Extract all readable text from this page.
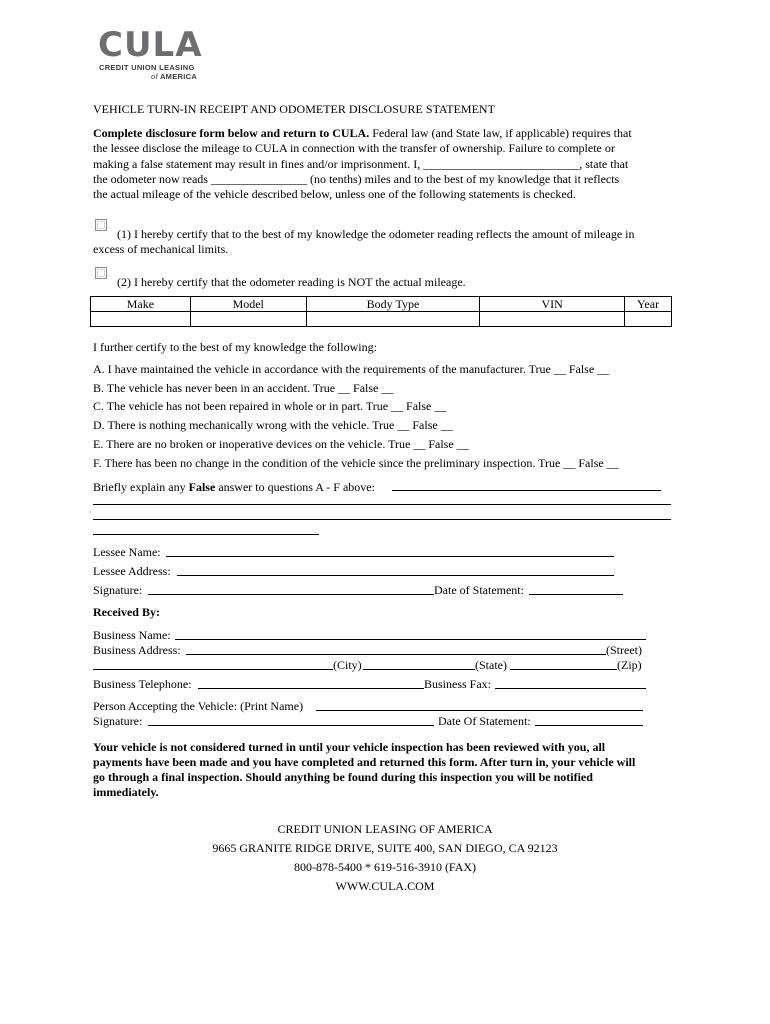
CULA
CREDIT UNION LEASING
of AMERICA
VEHICLE TURN-IN RECEIPT AND ODOMETER DISCLOSURE STATEMENT
Complete disclosure form below and return to CULA. Federal law (and State law, if applicable) requires that
the lessee disclose the mileage to CULA in connection with the transfer of ownership. Failure to complete or
making a false statement may result in fines and/or imprisonment. I, __________________________, state that
the odometer now reads ________________ (no tenths) miles and to the best of my knowledge that it reflects
the actual mileage of the vehicle described below, unless one of the following statements is checked.
(1) I hereby certify that to the best of my knowledge the odometer reading reflects the amount of mileage in
excess of mechanical limits.
(2) I hereby certify that the odometer reading is NOT the actual mileage.
Make	Model	Body Type	VIN	Year

I further certify to the best of my knowledge the following:
A. I have maintained the vehicle in accordance with the requirements of the manufacturer. True __ False __
B. The vehicle has never been in an accident. True __ False __
C. The vehicle has not been repaired in whole or in part. True __ False __
D. There is nothing mechanically wrong with the vehicle. True __ False __
E. There are no broken or inoperative devices on the vehicle. True __ False __
F. There has been no change in the condition of the vehicle since the preliminary inspection. True __ False __
Briefly explain any False answer to questions A - F above:
Lessee Name:
Lessee Address:
Signature:	Date of Statement:
Received By:
Business Name:
Business Address:	(Street)
(City)	(State)	(Zip)
Business Telephone:	Business Fax:
Person Accepting the Vehicle: (Print Name)
Signature:	Date Of Statement:
Your vehicle is not considered turned in until your vehicle inspection has been reviewed with you, all
payments have been made and you have completed and returned this form. After turn in, your vehicle will
go through a final inspection. Should anything be found during this inspection you will be notified
immediately.
CREDIT UNION LEASING OF AMERICA
9665 GRANITE RIDGE DRIVE, SUITE 400, SAN DIEGO, CA 92123
800-878-5400 * 619-516-3910 (FAX)
WWW.CULA.COM
